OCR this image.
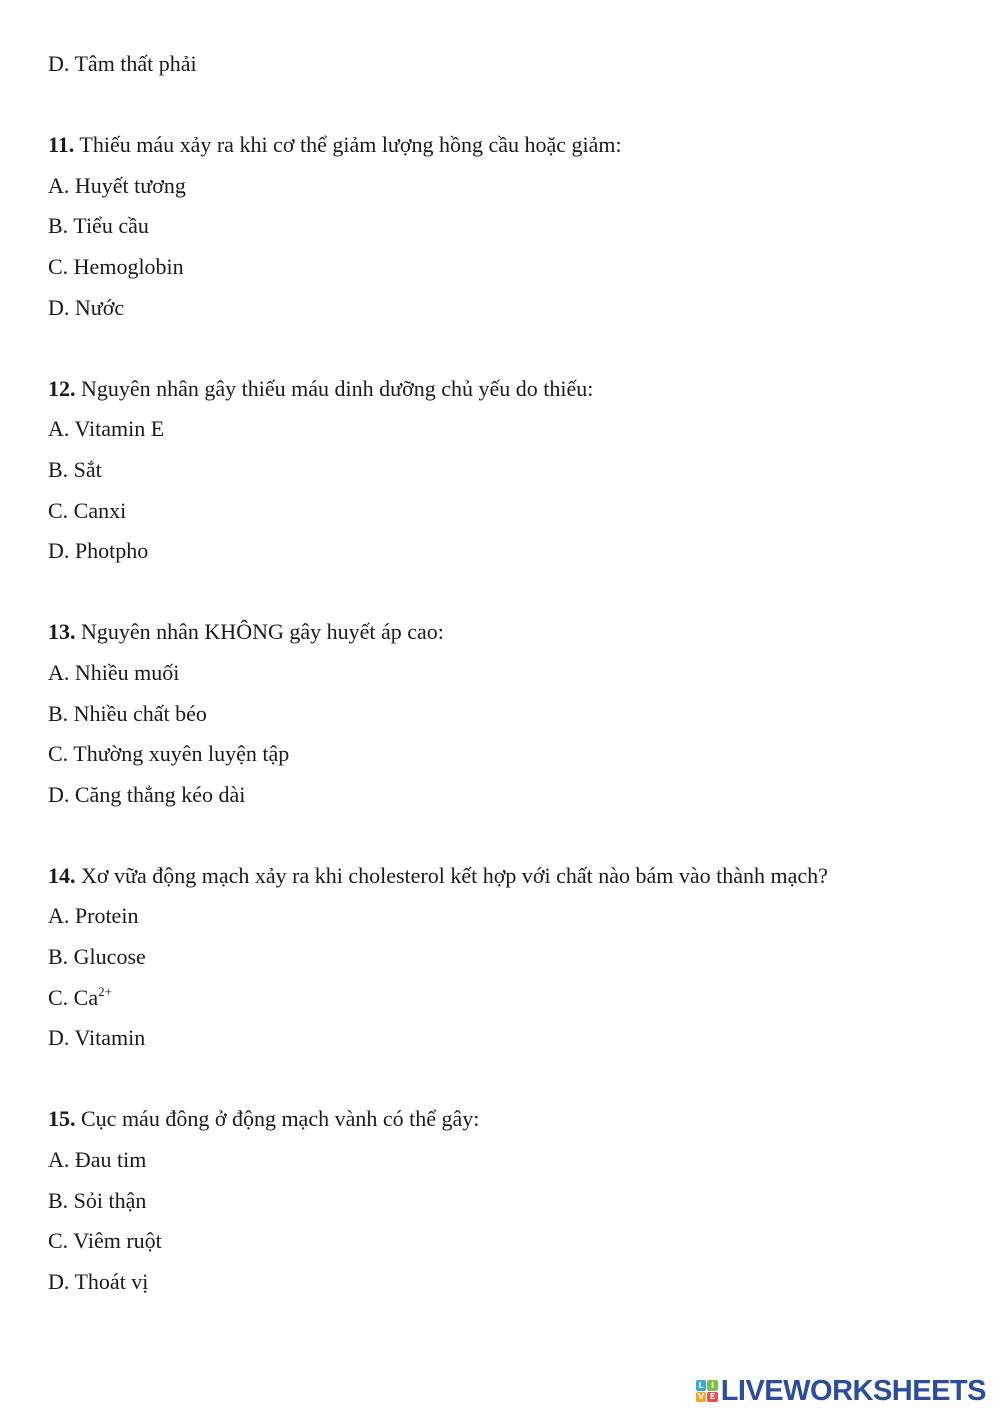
D. Tâm thất phải
11. Thiếu máu xảy ra khi cơ thể giảm lượng hồng cầu hoặc giảm:
A. Huyết tương
B. Tiểu cầu
C. Hemoglobin
D. Nước
12. Nguyên nhân gây thiếu máu dinh dưỡng chủ yếu do thiếu:
A. Vitamin E
B. Sắt
C. Canxi
D. Photpho
13. Nguyên nhân KHÔNG gây huyết áp cao:
A. Nhiều muối
B. Nhiều chất béo
C. Thường xuyên luyện tập
D. Căng thẳng kéo dài
14. Xơ vữa động mạch xảy ra khi cholesterol kết hợp với chất nào bám vào thành mạch?
A. Protein
B. Glucose
C. $Ca^{2+}$
D. Vitamin
15. Cục máu đông ở động mạch vành có thể gây:
A. Đau tim
B. Sỏi thận
C. Viêm ruột
D. Thoát vị
L I
V E LIVEWORKSHEETS
